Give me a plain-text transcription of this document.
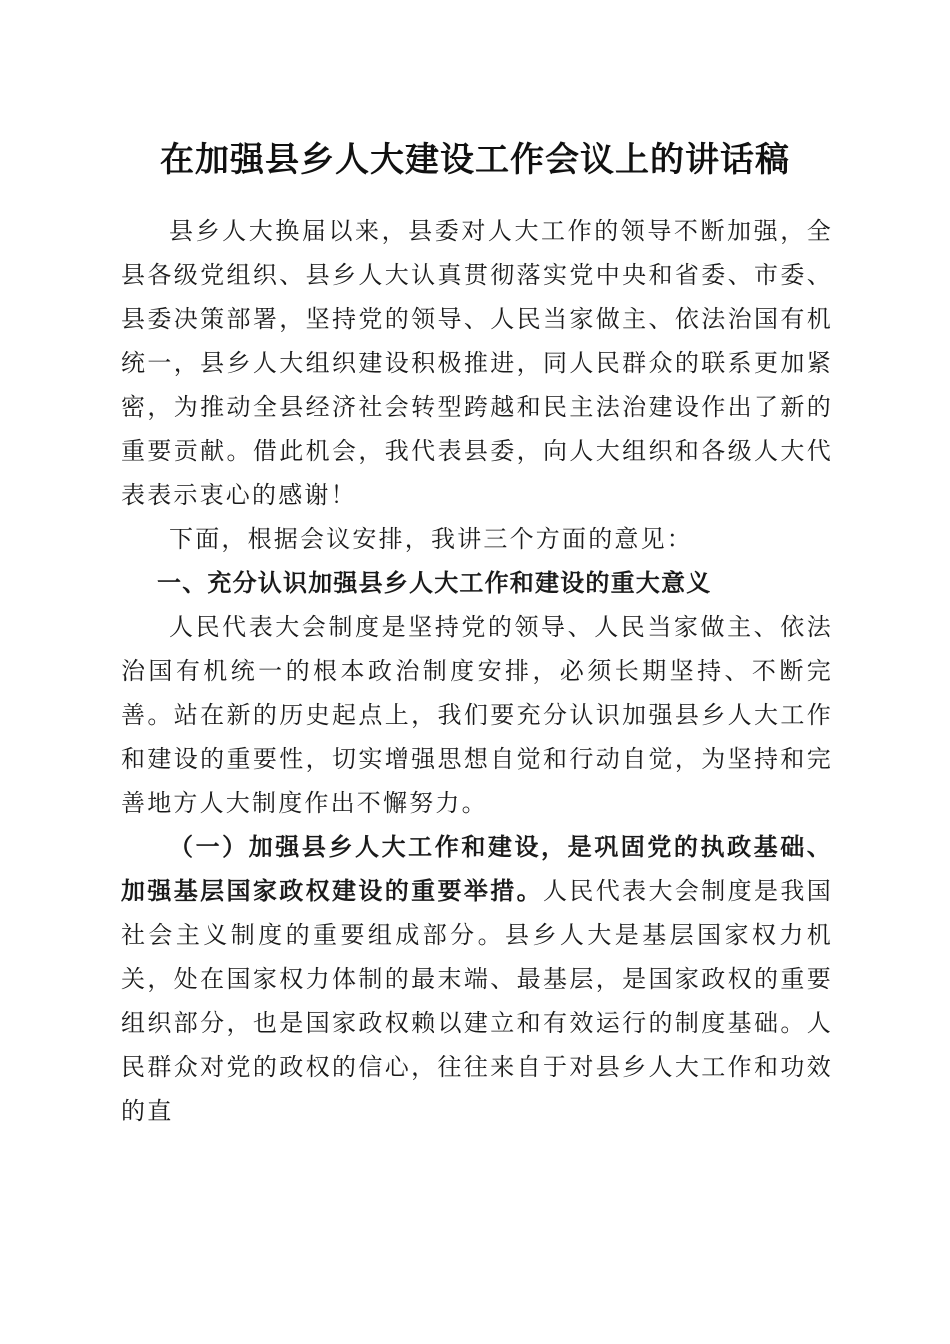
在加强县乡人大建设工作会议上的讲话稿

县乡人大换届以来，县委对人大工作的领导不断加强，全县各级党组织、县乡人大认真贯彻落实党中央和省委、市委、县委决策部署，坚持党的领导、人民当家做主、依法治国有机统一，县乡人大组织建设积极推进，同人民群众的联系更加紧密，为推动全县经济社会转型跨越和民主法治建设作出了新的重要贡献。借此机会，我代表县委，向人大组织和各级人大代表表示衷心的感谢！

下面，根据会议安排，我讲三个方面的意见：

一、充分认识加强县乡人大工作和建设的重大意义

人民代表大会制度是坚持党的领导、人民当家做主、依法治国有机统一的根本政治制度安排，必须长期坚持、不断完善。站在新的历史起点上，我们要充分认识加强县乡人大工作和建设的重要性，切实增强思想自觉和行动自觉，为坚持和完善地方人大制度作出不懈努力。

（一）加强县乡人大工作和建设，是巩固党的执政基础、加强基层国家政权建设的重要举措。人民代表大会制度是我国社会主义制度的重要组成部分。县乡人大是基层国家权力机关，处在国家权力体制的最末端、最基层，是国家政权的重要组织部分，也是国家政权赖以建立和有效运行的制度基础。人民群众对党的政权的信心，往往来自于对县乡人大工作和功效的直
